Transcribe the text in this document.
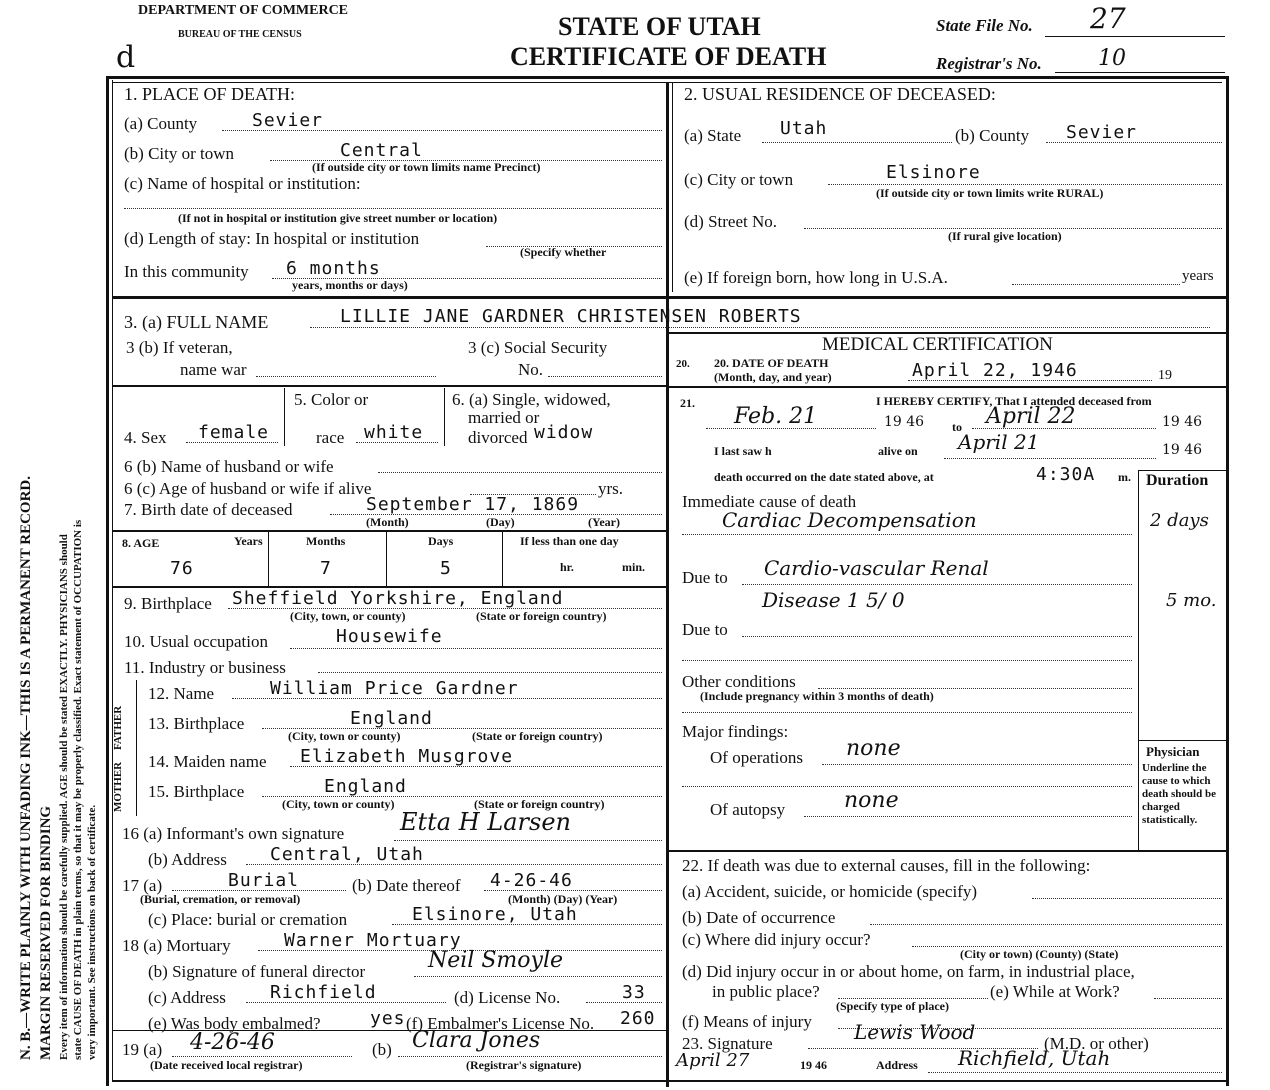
DEPARTMENT OF COMMERCE
BUREAU OF THE CENSUS	STATE OF UTAH
CERTIFICATE OF DEATH
State File No. 27
Registrar's No.	10
d
N. B.—WRITE PLAINLY WITH UNFADING INK—THIS IS A PERMANENT RECORD. MARGIN RESERVED FOR BINDING Every item of information should be carefully supplied. AGE should be stated EXACTLY. PHYSICIANS should state CAUSE OF DEATH in plain terms, so that it may be properly classified. Exact statement of OCCUPATION is very important. See instructions on back of certificate.
1. PLACE OF DEATH:
(a) County	Sevier
(b) City or town	Central
(If outside city or town limits name Precinct)
(c) Name of hospital or institution:
(If not in hospital or institution give street number or location)
(d) Length of stay: In hospital or institution
(Specify whether
In this community 6 months
years, months or days)
2. USUAL RESIDENCE OF DECEASED:
(a) State Utah	(b) County Sevier
(c) City or town	Elsinore
(If outside city or town limits write RURAL)
(d) Street No.
(If rural give location)
(e) If foreign born, how long in U.S.A.	years
3. (a) FULL NAME	LILLIE JANE GARDNER CHRISTENSEN ROBERTS
3 (b) If veteran,
name war
3 (c) Social Security
No.
4. Sex female
5. Color or
race white
6. (a) Single, widowed,
married or
divorced widow
6 (b) Name of husband or wife
6 (c) Age of husband or wife if alive	yrs.
7. Birth date of deceased	September 17, 1869
(Month)	(Day)	(Year)
8. AGE	Years	Months	Days	If less than one day
76	7	5	hr.	min.
9. Birthplace Sheffield Yorkshire, England
(City, town, or county)	(State or foreign country)
10. Usual occupation	Housewife
11. Industry or business
FATHER
MOTHER
12. Name	William Price Gardner
13. Birthplace	England
(City, town or county)	(State or foreign country)
14. Maiden name Elizabeth Musgrove
15. Birthplace	England
(City, town or county)	(State or foreign country)
16 (a) Informant's own signature Etta H Larsen
(b) Address Central, Utah
17 (a)	Burial	(b) Date thereof 4-26-46
(Burial, cremation, or removal)	(Month) (Day) (Year)
(c) Place: burial or cremation	Elsinore, Utah
18 (a) Mortuary	Warner Mortuary
(b) Signature of funeral director	Neil Smoyle
(c) Address Richfield	(d) License No.	33
(e) Was body embalmed?	yes (f) Embalmer's License No. 260
19 (a) 4-26-46
(Date received local registrar)
(b) Clara Jones
(Registrar's signature)
MEDICAL CERTIFICATION
20. 20. DATE OF DEATH
(Month, day, and year)	April 22, 1946	19
21.	I HEREBY CERTIFY, That I attended deceased from
Feb. 21	19 46 to April 22	19 46
I last saw h	alive on April 21	19 46
death occurred on the date stated above, at	4:30A m. Duration
Immediate cause of death
Cardiac Decompensation	2 days
Due to Cardio-vascular Renal
Disease 1 5/ 0	5 mo.
Due to
Other conditions
(Include pregnancy within 3 months of death)
Major findings:
Of operations none
Of autopsy	none
Physician
Underline the cause to which death should be charged statistically.
22. If death was due to external causes, fill in the following:
(a) Accident, suicide, or homicide (specify)
(b) Date of occurrence
(c) Where did injury occur?
(City or town) (County) (State)
(d) Did injury occur in or about home, on farm, in industrial place,
in public place?
(Specify type of place)
(e) While at Work?
(f) Means of injury
23. Signature	Lewis Wood	(M.D. or other)
April 27	19 46	Address Richfield, Utah
